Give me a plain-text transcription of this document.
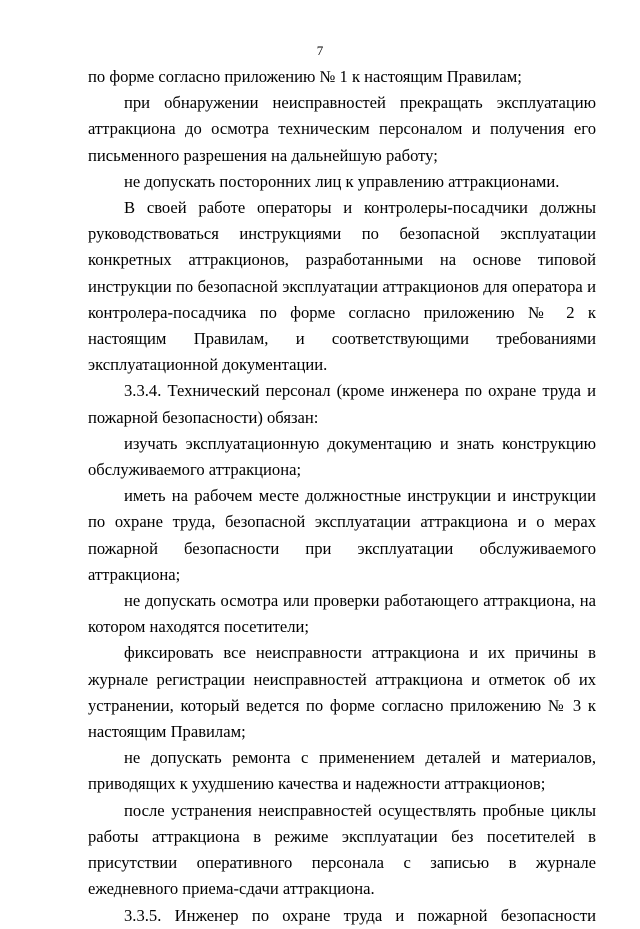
7

по форме согласно приложению № 1 к настоящим Правилам;

при обнаружении неисправностей прекращать эксплуатацию аттракциона до осмотра техническим персоналом и получения его письменного разрешения на дальнейшую работу;

не допускать посторонних лиц к управлению аттракционами.

В своей работе операторы и контролеры-посадчики должны руководствоваться инструкциями по безопасной эксплуатации конкретных аттракционов, разработанными на основе типовой инструкции по безопасной эксплуатации аттракционов для оператора и контролера-посадчика по форме согласно приложению № 2 к настоящим Правилам, и соответствующими требованиями эксплуатационной документации.

3.3.4. Технический персонал (кроме инженера по охране труда и пожарной безопасности) обязан:

изучать эксплуатационную документацию и знать конструкцию обслуживаемого аттракциона;

иметь на рабочем месте должностные инструкции и инструкции по охране труда, безопасной эксплуатации аттракциона и о мерах пожарной безопасности при эксплуатации обслуживаемого аттракциона;

не допускать осмотра или проверки работающего аттракциона, на котором находятся посетители;

фиксировать все неисправности аттракциона и их причины в журнале регистрации неисправностей аттракциона и отметок об их устранении, который ведется по форме согласно приложению № 3 к настоящим Правилам;

не допускать ремонта с применением деталей и материалов, приводящих к ухудшению качества и надежности аттракционов;

после устранения неисправностей осуществлять пробные циклы работы аттракциона в режиме эксплуатации без посетителей в присутствии оперативного персонала с записью в журнале ежедневного приема-сдачи аттракциона.

3.3.5. Инженер по охране труда и пожарной безопасности
